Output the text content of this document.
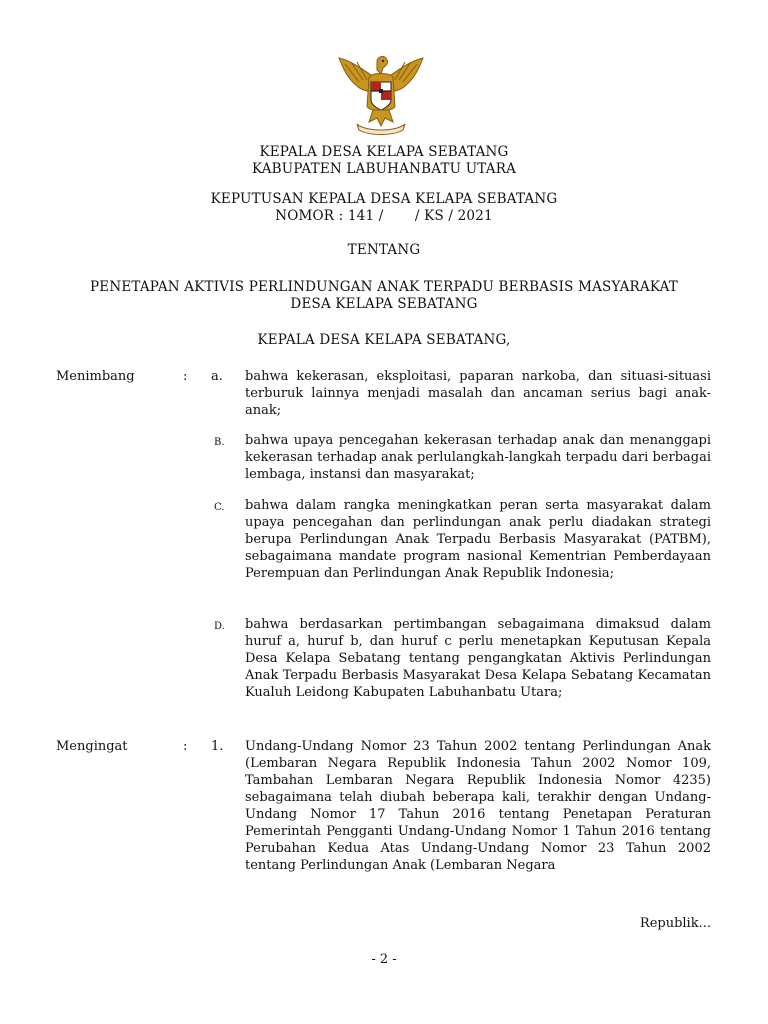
KEPALA DESA KELAPA SEBATANG
KABUPATEN LABUHANBATU UTARA
KEPUTUSAN KEPALA DESA KELAPA SEBATANG
NOMOR : 141 /       / KS / 2021
TENTANG
PENETAPAN AKTIVIS PERLINDUNGAN ANAK TERPADU BERBASIS MASYARAKAT
DESA KELAPA SEBATANG
KEPALA DESA KELAPA SEBATANG,
Menimbang	: a. bahwa kekerasan, eksploitasi, paparan narkoba, dan situasi-situasi terburuk lainnya menjadi masalah dan ancaman serius bagi anak-anak;
B. bahwa upaya pencegahan kekerasan terhadap anak dan menanggapi kekerasan terhadap anak perlulangkah-langkah terpadu dari berbagai lembaga, instansi dan masyarakat;
C. bahwa dalam rangka meningkatkan peran serta masyarakat dalam upaya pencegahan dan perlindungan anak perlu diadakan strategi berupa Perlindungan Anak Terpadu Berbasis Masyarakat (PATBM), sebagaimana mandate program nasional Kementrian Pemberdayaan Perempuan dan Perlindungan Anak Republik Indonesia;
D. bahwa berdasarkan pertimbangan sebagaimana dimaksud dalam huruf a, huruf b, dan huruf c perlu menetapkan Keputusan Kepala Desa Kelapa Sebatang tentang pengangkatan Aktivis Perlindungan Anak Terpadu Berbasis Masyarakat Desa Kelapa Sebatang Kecamatan Kualuh Leidong Kabupaten Labuhanbatu Utara;
Mengingat	: 1. Undang-Undang Nomor 23 Tahun 2002 tentang Perlindungan Anak (Lembaran Negara Republik Indonesia Tahun 2002 Nomor 109, Tambahan Lembaran Negara Republik Indonesia Nomor 4235) sebagaimana telah diubah beberapa kali, terakhir dengan Undang-Undang Nomor 17 Tahun 2016 tentang Penetapan Peraturan Pemerintah Pengganti Undang-Undang Nomor 1 Tahun 2016 tentang Perubahan Kedua Atas Undang-Undang Nomor 23 Tahun 2002 tentang Perlindungan Anak (Lembaran Negara
Republik...
- 2 -
